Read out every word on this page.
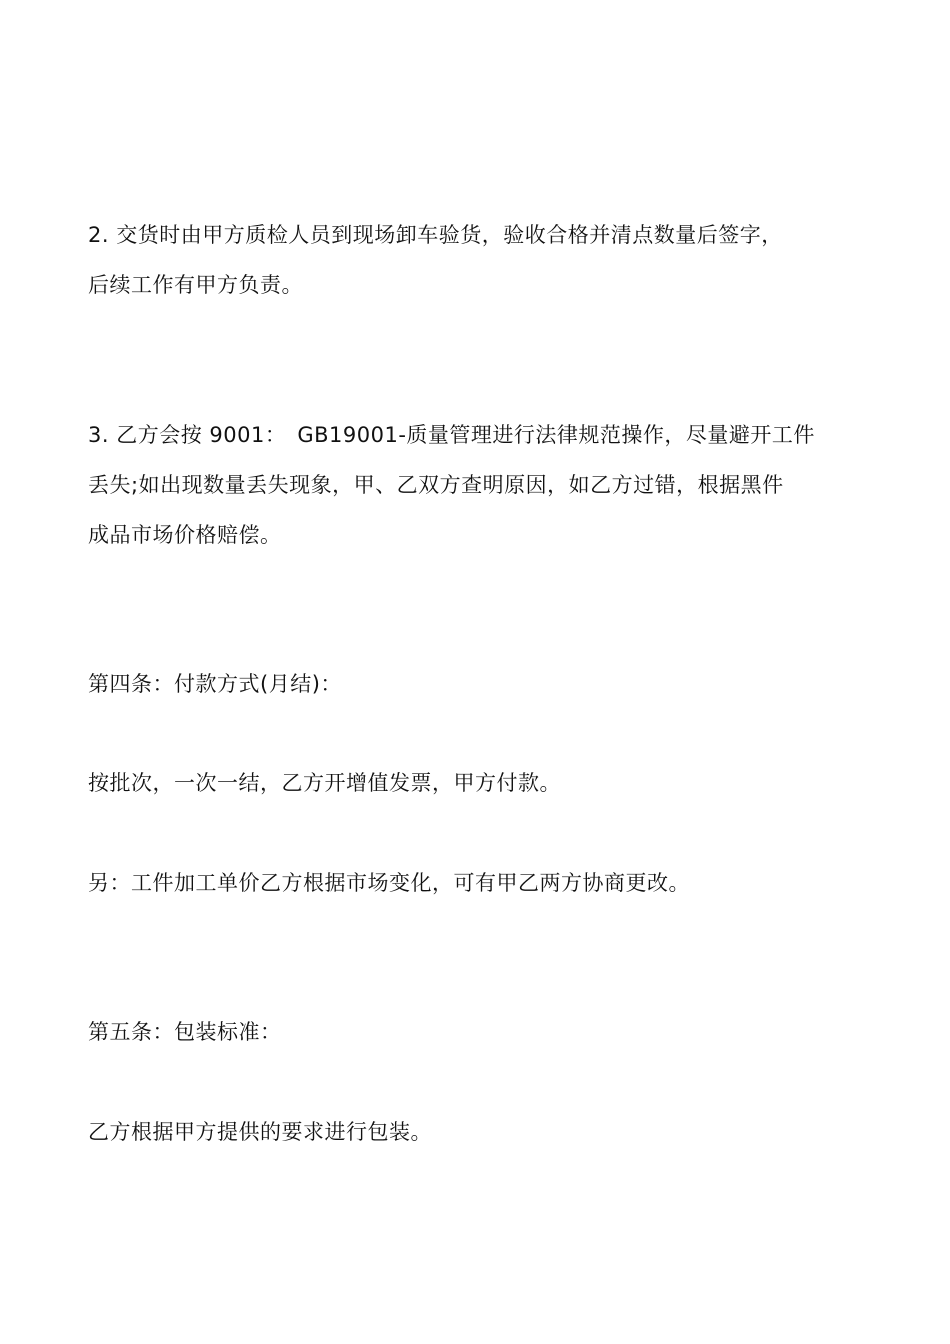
2. 交货时由甲方质检人员到现场卸车验货，验收合格并清点数量后签字，
后续工作有甲方负责。

3. 乙方会按 9001：　GB19001-质量管理进行法律规范操作，尽量避开工件
丢失;如出现数量丢失现象，甲、乙双方查明原因，如乙方过错，根据黑件
成品市场价格赔偿。

第四条：付款方式(月结)：

按批次，一次一结，乙方开增值发票，甲方付款。

另：工件加工单价乙方根据市场变化，可有甲乙两方协商更改。

第五条：包装标准：

乙方根据甲方提供的要求进行包装。
